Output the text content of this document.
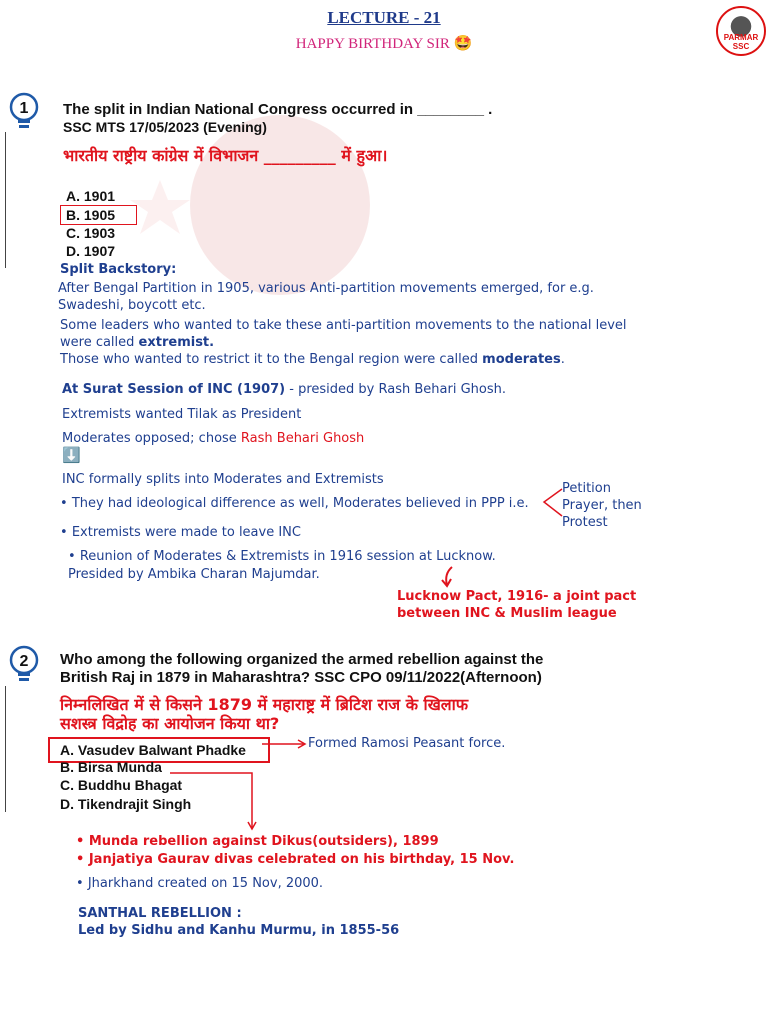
LECTURE - 21
HAPPY BIRTHDAY SIR 🤩	PARMAR SSC
1 The split in Indian National Congress occurred in ________ .
SSC MTS 17/05/2023 (Evening)
भारतीय राष्ट्रीय कांग्रेस में विभाजन _________ में हुआ।
A. 1901
B. 1905
C. 1903
D. 1907
Split Backstory:
After Bengal Partition in 1905, various Anti-partition movements emerged, for e.g.
Swadeshi, boycott etc.
Some leaders who wanted to take these anti-partition movements to the national level
were called extremist.
Those who wanted to restrict it to the Bengal region were called moderates.
At Surat Session of INC (1907) - presided by Rash Behari Ghosh.
Extremists wanted Tilak as President
Moderates opposed; chose Rash Behari Ghosh
⬇️
INC formally splits into Moderates and Extremists
• They had ideological difference as well, Moderates believed in PPP i.e.
Petition
Prayer, then
Protest
• Extremists were made to leave INC
• Reunion of Moderates & Extremists in 1916 session at Lucknow.
Presided by Ambika Charan Majumdar.
Lucknow Pact, 1916- a joint pact
between INC & Muslim league
2 Who among the following organized the armed rebellion against the
British Raj in 1879 in Maharashtra? SSC CPO 09/11/2022(Afternoon)
निम्नलिखित में से किसने 1879 में महाराष्ट्र में ब्रिटिश राज के खिलाफ
सशस्त्र विद्रोह का आयोजन किया था?
A. Vasudev Balwant Phadke
B. Birsa Munda
C. Buddhu Bhagat
D. Tikendrajit Singh
Formed Ramosi Peasant force.
• Munda rebellion against Dikus(outsiders), 1899
• Janjatiya Gaurav divas celebrated on his birthday, 15 Nov.
• Jharkhand created on 15 Nov, 2000.
SANTHAL REBELLION :
Led by Sidhu and Kanhu Murmu, in 1855-56
